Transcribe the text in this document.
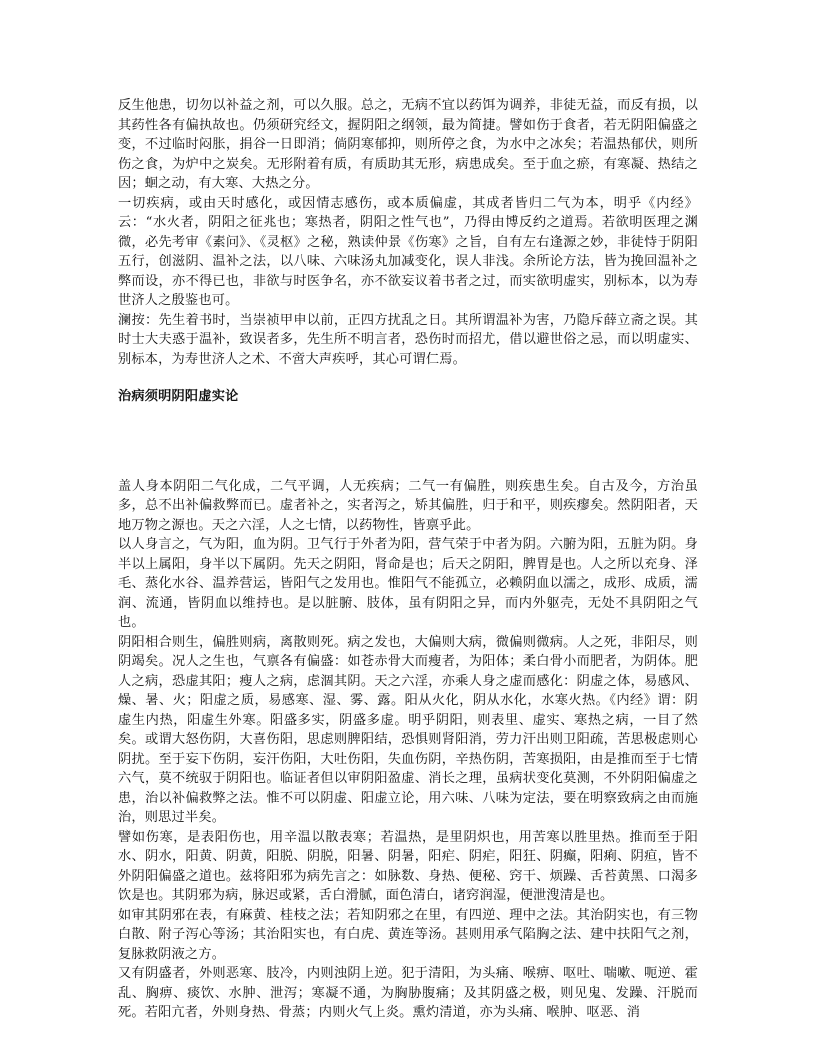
反生他患，切勿以补益之剂，可以久服。总之，无病不宜以药饵为调养，非徒无益，而反有损，以其药性各有偏执故也。仍须研究经文，握阴阳之纲领，最为简捷。譬如伤于食者，若无阴阳偏盛之变，不过临时闷胀，捐谷一日即消；倘阴寒郁抑，则所停之食，为水中之冰矣；若温热郁伏，则所伤之食，为炉中之炭矣。无形附着有质，有质助其无形，病患成矣。至于血之瘀，有寒凝、热结之因；蛔之动，有大寒、大热之分。

一切疾病，或由天时感化，或因情志感伤，或本质偏虚，其成者皆归二气为本，明乎《内经》云：“水火者，阴阳之征兆也；寒热者，阴阳之性气也”，乃得由博反约之道焉。若欲明医理之渊微，必先考审《素问》、《灵枢》之秘，熟读仲景《伤寒》之旨，自有左右逢源之妙，非徒恃于阴阳五行，创滋阴、温补之法，以八味、六味汤丸加减变化，误人非浅。余所论方法，皆为挽回温补之弊而设，亦不得已也，非欲与时医争名，亦不欲妄议着书者之过，而实欲明虚实，别标本，以为寿世济人之殷鉴也可。

澜按：先生着书时，当崇祯甲申以前，正四方扰乱之日。其所谓温补为害，乃隐斥薛立斋之误。其时士大夫惑于温补，致误者多，先生所不明言者，恐伤时而招尤，借以避世俗之忌，而以明虚实、别标本，为寿世济人之术、不啻大声疾呼，其心可谓仁焉。

治病须明阴阳虚实论

盖人身本阴阳二气化成，二气平调，人无疾病；二气一有偏胜，则疾患生矣。自古及今，方治虽多，总不出补偏救弊而已。虚者补之，实者泻之，矫其偏胜，归于和平，则疾瘳矣。然阴阳者，天地万物之源也。天之六淫，人之七情，以药物性，皆禀乎此。

以人身言之，气为阳，血为阴。卫气行于外者为阳，营气荣于中者为阴。六腑为阳，五脏为阴。身半以上属阳，身半以下属阴。先天之阴阳，肾命是也；后天之阴阳，脾胃是也。人之所以充身、泽毛、蒸化水谷、温养营运，皆阳气之发用也。惟阳气不能孤立，必赖阴血以濡之，成形、成质，濡润、流通，皆阴血以维持也。是以脏腑、肢体，虽有阴阳之异，而内外躯壳，无处不具阴阳之气也。

阴阳相合则生，偏胜则病，离散则死。病之发也，大偏则大病，微偏则微病。人之死，非阳尽，则阴竭矣。况人之生也，气禀各有偏盛：如苍赤骨大而瘦者，为阳体；柔白骨小而肥者，为阴体。肥人之病，恐虚其阳；瘦人之病，虑涸其阴。天之六淫，亦乘人身之虚而感化：阴虚之体，易感风、燥、暑、火；阳虚之质，易感寒、湿、雾、露。阳从火化，阴从水化，水寒火热。《内经》谓：阴虚生内热，阳虚生外寒。阳盛多实，阴盛多虚。明乎阴阳，则表里、虚实、寒热之病，一目了然矣。或谓大怒伤阴，大喜伤阳，思虑则脾阳结，恐惧则肾阳消，劳力汗出则卫阳疏，苦思极虑则心阴扰。至于妄下伤阴，妄汗伤阳，大吐伤阳，失血伤阴，辛热伤阴，苦寒损阳，由是推而至于七情六气，莫不统驭于阴阳也。临证者但以审阴阳盈虚、消长之理，虽病状变化莫测，不外阴阳偏虚之患，治以补偏救弊之法。惟不可以阴虚、阳虚立论，用六味、八味为定法，要在明察致病之由而施治，则思过半矣。

譬如伤寒，是表阳伤也，用辛温以散表寒；若温热，是里阴炽也，用苦寒以胜里热。推而至于阳水、阴水，阳黄、阴黄，阳脱、阴脱，阳暑、阴暑，阳疟、阴疟，阳狂、阴癫，阳痢、阴疸，皆不外阴阳偏盛之道也。兹将阳邪为病先言之：如脉数、身热、便秘、窍干、烦躁、舌苔黄黑、口渴多饮是也。其阴邪为病，脉迟或紧，舌白滑腻，面色清白，诸窍润湿，便泄溲清是也。

如审其阴邪在表，有麻黄、桂枝之法；若知阴邪之在里，有四逆、理中之法。其治阴实也，有三物白散、附子泻心等汤；其治阳实也，有白虎、黄连等汤。甚则用承气陷胸之法、建中扶阳气之剂，复脉救阴液之方。

又有阴盛者，外则恶寒、肢冷，内则浊阴上逆。犯于清阳，为头痛、喉痹、呕吐、喘嗽、呃逆、霍乱、胸痹、痰饮、水肿、泄泻；寒凝不通，为胸胁腹痛；及其阴盛之极，则见鬼、发躁、汗脱而死。若阳亢者，外则身热、骨蒸；内则火气上炎。熏灼清道，亦为头痛、喉肿、呕恶、消
